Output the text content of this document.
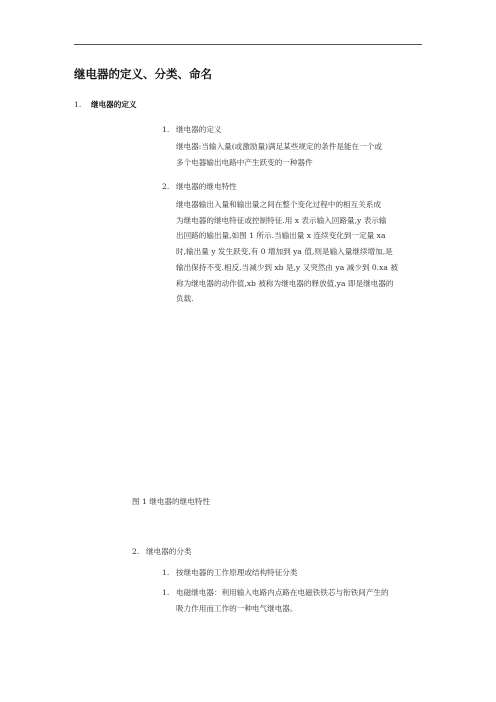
继电器的定义、分类、命名
1. 继电器的定义
1. 继电器的定义
继电器:当输入量(或激励量)满足某些规定的条件是能在一个或
多个电器输出电路中产生跃变的一种器件
2. 继电器的继电特性
继电器输出入量和输出量之间在整个变化过程中的相互关系成
为继电器的继电特征或控制特征.用 x 表示输入回路量,y 表示输
出回路的输出量,如图 1 所示.当输出量 x 连续变化到一定量 xa
时,输出量 y 发生跃变,有 0 增加到 ya 值,则是输入量继续增加,是
输出保持不变.相反,当减少到 xb 是,y 又突然由 ya 减少到 0.xa 被
称为继电器的动作值,xb 被称为继电器的释放值,ya 即是继电器的
负载.
图 1 继电器的继电特性
2. 继电器的分类
1. 按继电器的工作原理或结构特征分类
1. 电磁继电器：利用输入电路内点路在电磁铁铁芯与衔铁间产生的
吸力作用而工作的一种电气继电器。
